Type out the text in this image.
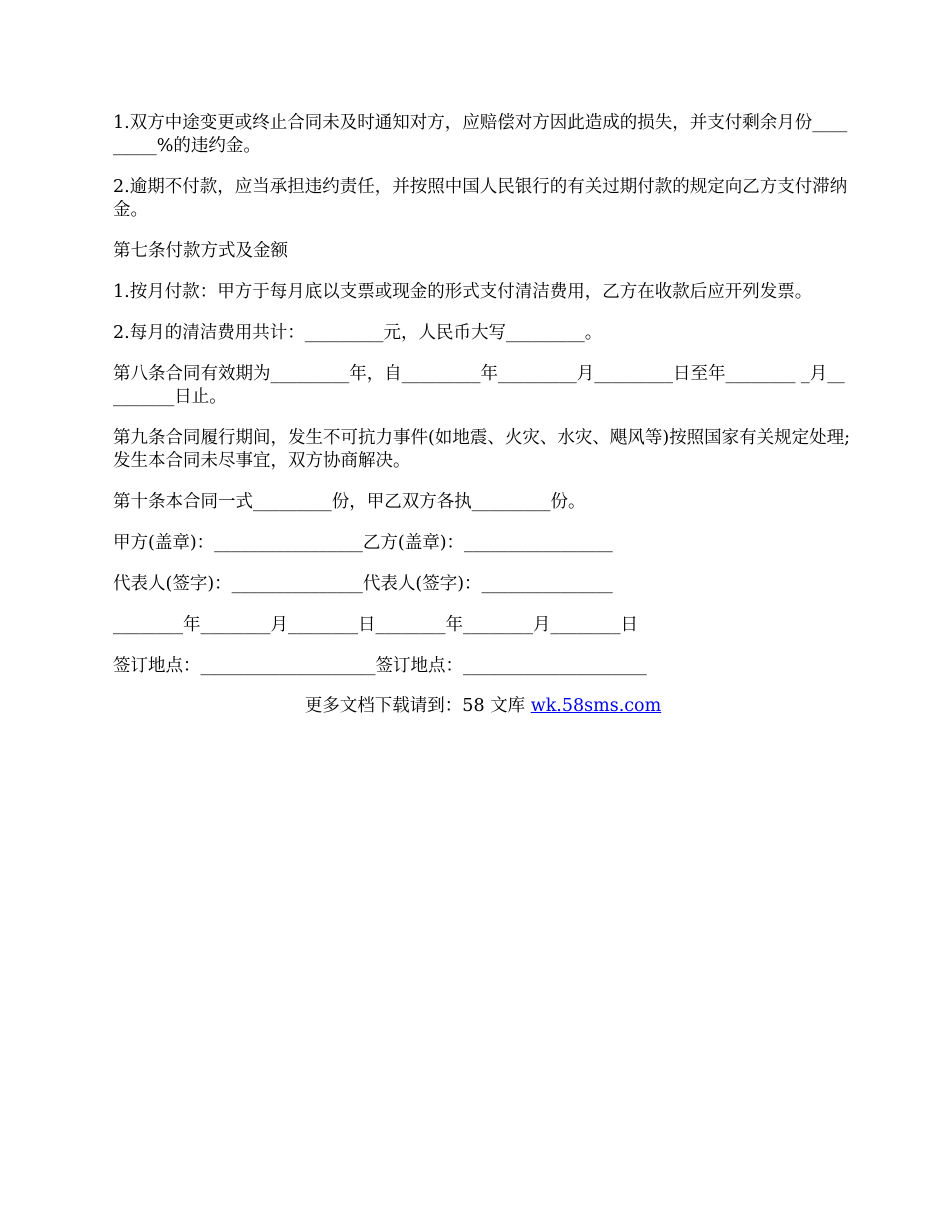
1.双方中途变更或终止合同未及时通知对方，应赔偿对方因此造成的损失，并支付剩余月份_________%的违约金。

2.逾期不付款，应当承担违约责任，并按照中国人民银行的有关过期付款的规定向乙方支付滞纳金。

第七条付款方式及金额

1.按月付款：甲方于每月底以支票或现金的形式支付清洁费用，乙方在收款后应开列发票。

2.每月的清洁费用共计：_________元，人民币大写_________。

第八条合同有效期为_________年，自_________年_________月_________日至年________ _月_________日止。

第九条合同履行期间，发生不可抗力事件(如地震、火灾、水灾、飓风等)按照国家有关规定处理;发生本合同未尽事宜，双方协商解决。

第十条本合同一式_________份，甲乙双方各执_________份。

甲方(盖章)：_________________乙方(盖章)：_________________

代表人(签字)：_______________代表人(签字)：_______________

________年________月________日________年________月________日

签订地点：____________________签订地点：_____________________

更多文档下载请到：58 文库 wk.58sms.com
